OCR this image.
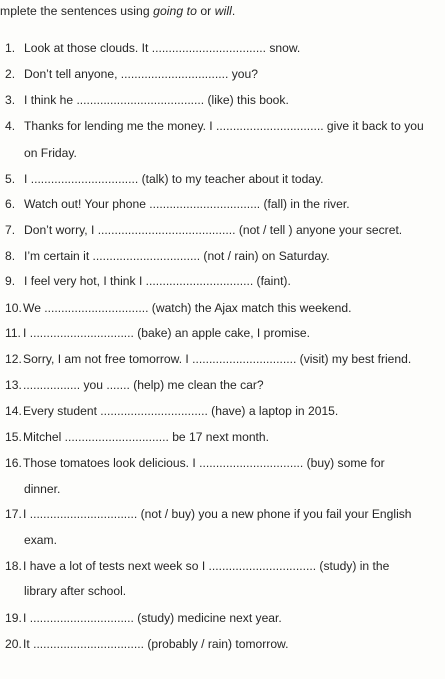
mplete the sentences using going to or will.
1. Look at those clouds. It .................................. snow.
2. Don’t tell anyone, ................................ you?
3. I think he ...................................... (like) this book.
4. Thanks for lending me the money. I ................................ give it back to you
on Friday.
5. I ................................ (talk) to my teacher about it today.
6. Watch out! Your phone ................................. (fall) in the river.
7. Don’t worry, I ......................................... (not / tell ) anyone your secret.
8. I’m certain it ................................ (not / rain) on Saturday.
9. I feel very hot, I think I ................................ (faint).
10.We ............................... (watch) the Ajax match this weekend.
11. I ............................... (bake) an apple cake, I promise.
12.Sorry, I am not free tomorrow. I ............................... (visit) my best friend.
13.................. you ....... (help) me clean the car?
14.Every student ................................ (have) a laptop in 2015.
15.Mitchel ............................... be 17 next month.
16.Those tomatoes look delicious. I ............................... (buy) some for
dinner.
17.I ................................ (not / buy) you a new phone if you fail your English
exam.
18.I have a lot of tests next week so I ................................ (study) in the
library after school.
19.I ............................... (study) medicine next year.
20.It ................................. (probably / rain) tomorrow.
